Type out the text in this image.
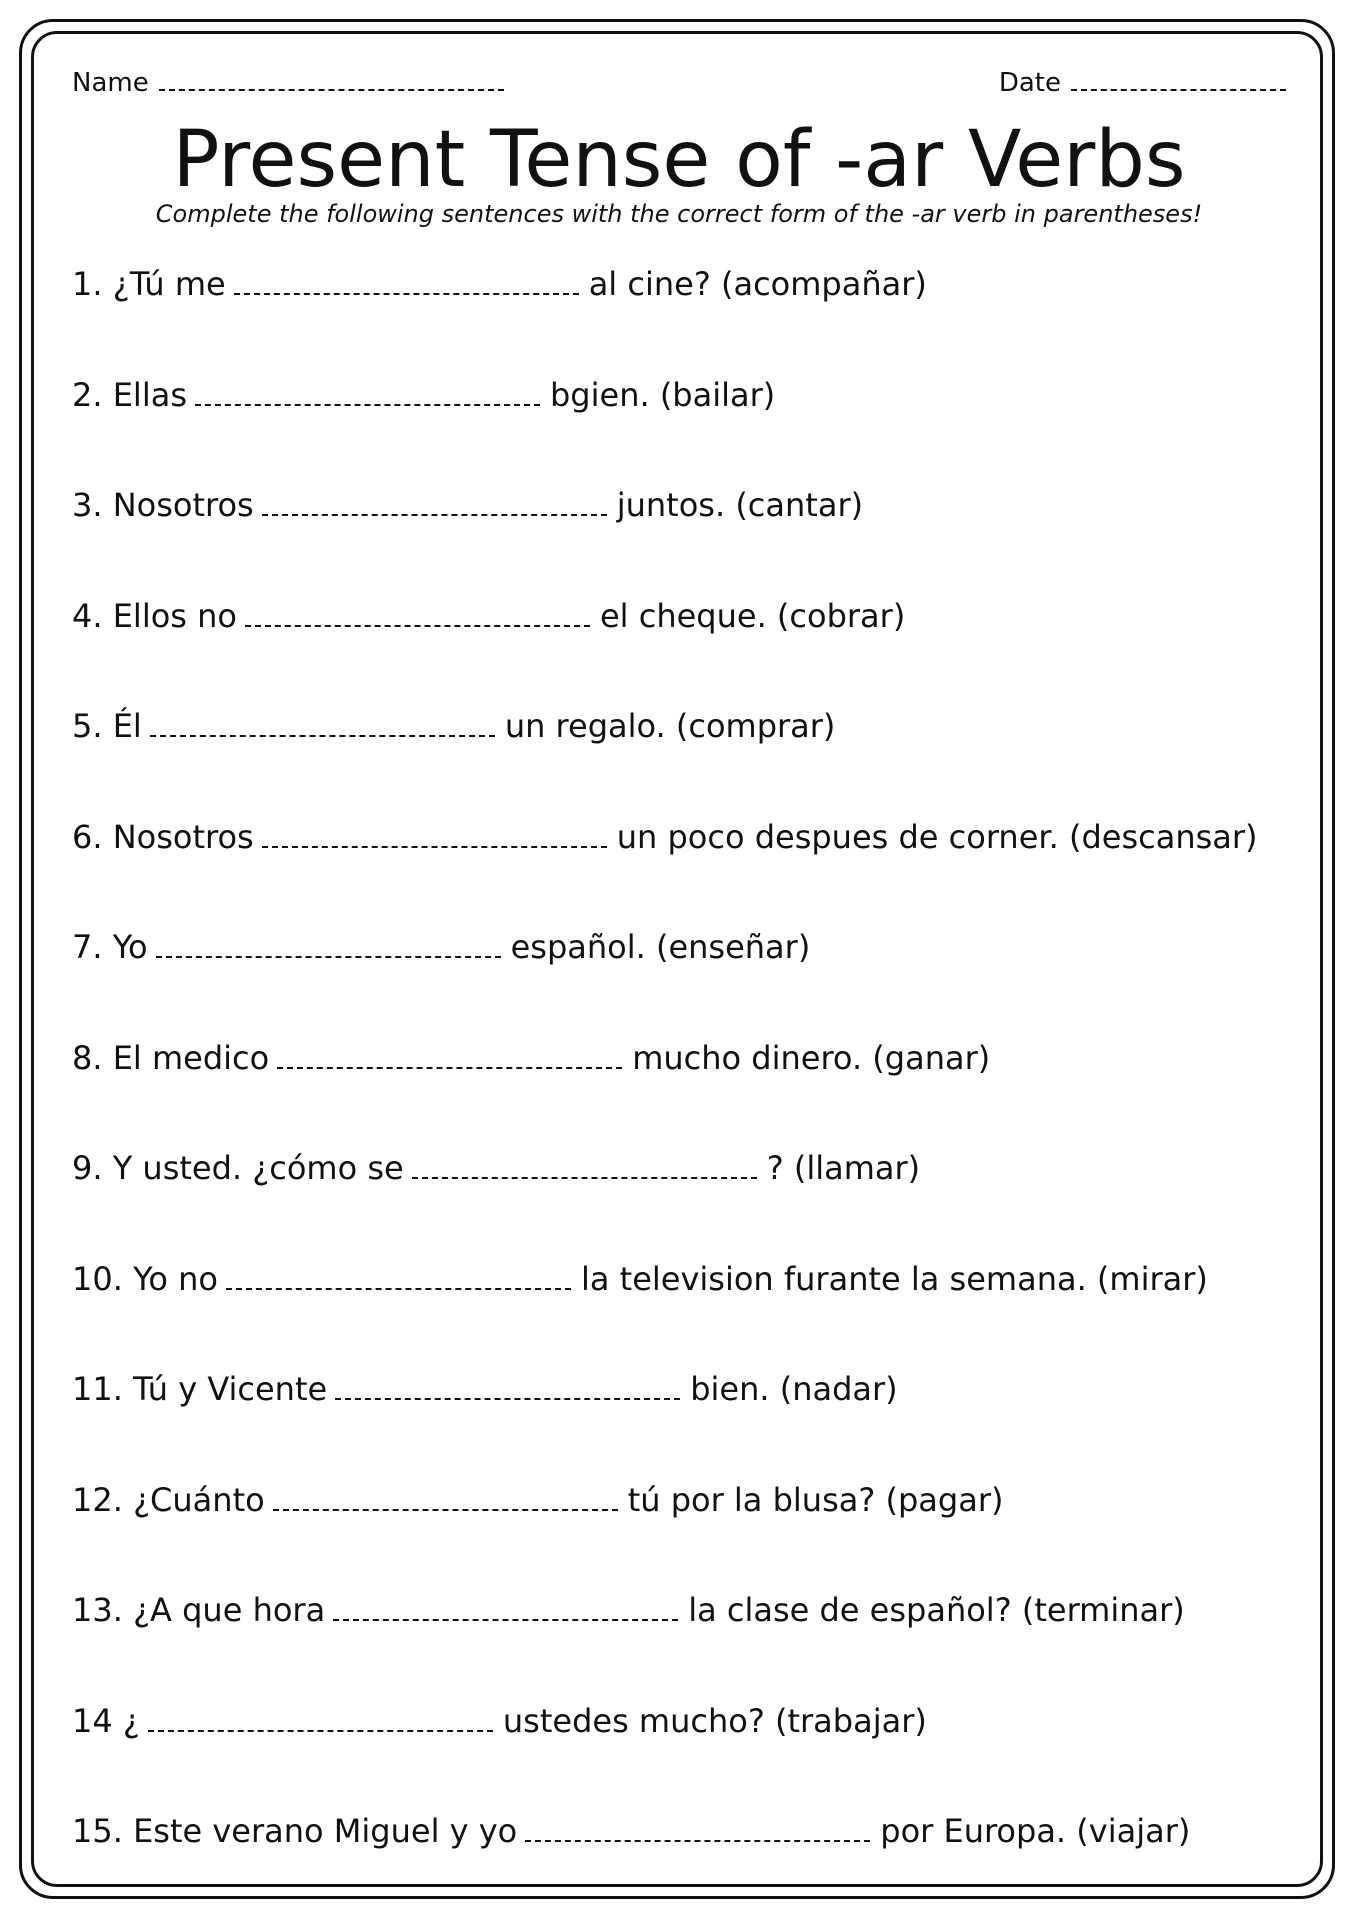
Name	Date
Present Tense of -ar Verbs
Complete the following sentences with the correct form of the -ar verb in parentheses!
1. ¿Tú me	al cine? (acompañar)
2. Ellas	bgien. (bailar)
3. Nosotros	juntos. (cantar)
4. Ellos no	el cheque. (cobrar)
5. Él	un regalo. (comprar)
6. Nosotros	un poco despues de corner. (descansar)
7. Yo	español. (enseñar)
8. El medico	mucho dinero. (ganar)
9. Y usted. ¿cómo se	? (llamar)
10. Yo no	la television furante la semana. (mirar)
11. Tú y Vicente	bien. (nadar)
12. ¿Cuánto	tú por la blusa? (pagar)
13. ¿A que hora	la clase de español? (terminar)
14 ¿	ustedes mucho? (trabajar)
15. Este verano Miguel y yo	por Europa. (viajar)
